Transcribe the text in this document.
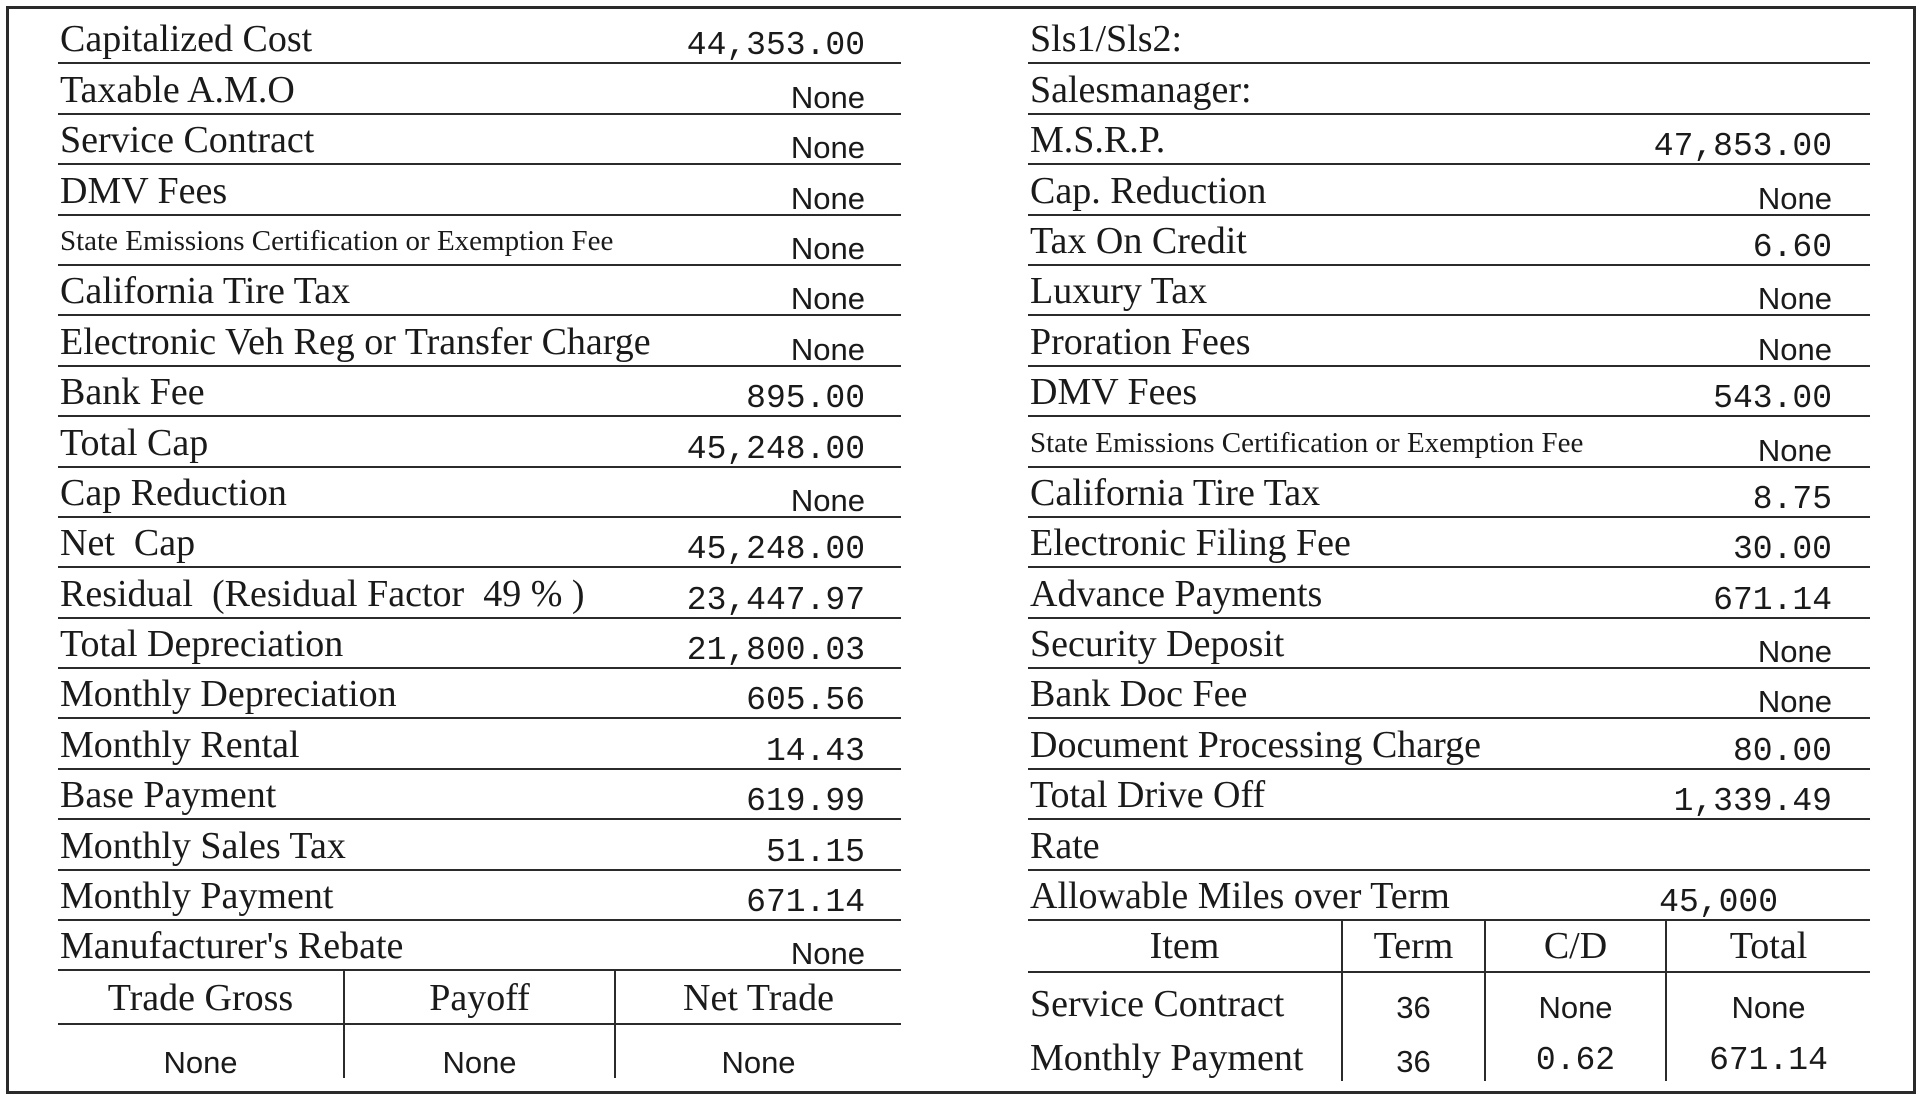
Capitalized Cost	44,353.00
Taxable A.M.O	None
Service Contract	None
DMV Fees	None
State Emissions Certification or Exemption Fee	None
California Tire Tax	None
Electronic Veh Reg or Transfer Charge	None
Bank Fee	895.00
Total Cap	45,248.00
Cap Reduction	None
Net  Cap	45,248.00
Residual  (Residual Factor  49 % )	23,447.97
Total Depreciation	21,800.03
Monthly Depreciation	605.56
Monthly Rental	14.43
Base Payment	619.99
Monthly Sales Tax	51.15
Monthly Payment	671.14
Manufacturer's Rebate	None
Trade Gross	Payoff	Net Trade
None	None	None
Sls1/Sls2:
Salesmanager:
M.S.R.P.	47,853.00
Cap. Reduction	None
Tax On Credit	6.60
Luxury Tax	None
Proration Fees	None
DMV Fees	543.00
State Emissions Certification or Exemption Fee	None
California Tire Tax	8.75
Electronic Filing Fee	30.00
Advance Payments	671.14
Security Deposit	None
Bank Doc Fee	None
Document Processing Charge	80.00
Total Drive Off	1,339.49
Rate
Allowable Miles over Term	45,000
Item	Term	C/D	Total
Service Contract	36	None	None
Monthly Payment	36	0.62	671.14
